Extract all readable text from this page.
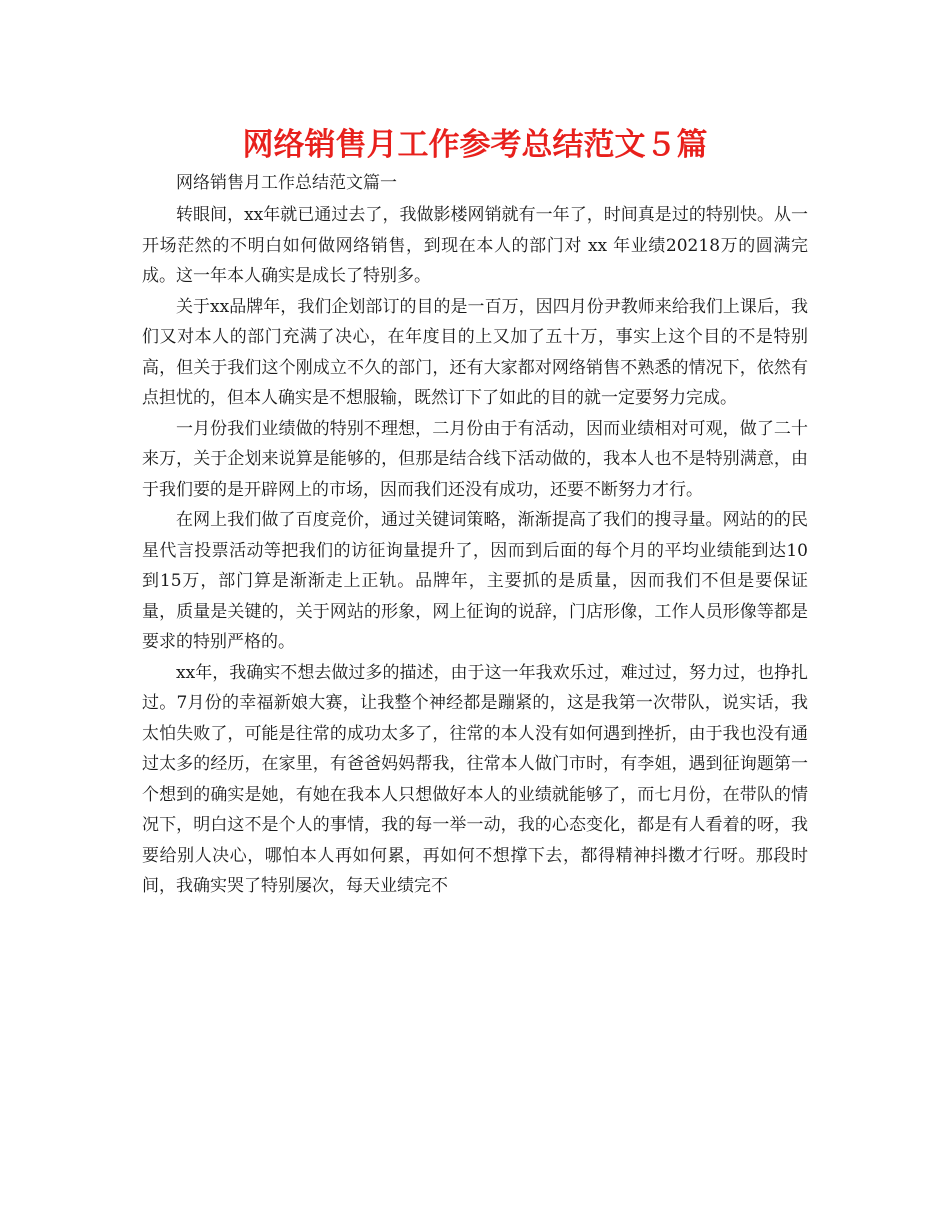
网络销售月工作参考总结范文５篇

网络销售月工作总结范文篇一

转眼间，xx年就已通过去了，我做影楼网销就有一年了，时间真是过的特别快。从一开场茫然的不明白如何做网络销售，到现在本人的部门对 xx 年业绩20218万的圆满完成。这一年本人确实是成长了特别多。

关于xx品牌年，我们企划部订的目的是一百万，因四月份尹教师来给我们上课后，我们又对本人的部门充满了决心，在年度目的上又加了五十万，事实上这个目的不是特别高，但关于我们这个刚成立不久的部门，还有大家都对网络销售不熟悉的情况下，依然有点担忧的，但本人确实是不想服输，既然订下了如此的目的就一定要努力完成。

一月份我们业绩做的特别不理想，二月份由于有活动，因而业绩相对可观，做了二十来万，关于企划来说算是能够的，但那是结合线下活动做的，我本人也不是特别满意，由于我们要的是开辟网上的市场，因而我们还没有成功，还要不断努力才行。

在网上我们做了百度竞价，通过关键词策略，渐渐提高了我们的搜寻量。网站的的民星代言投票活动等把我们的访征询量提升了，因而到后面的每个月的平均业绩能到达10到15万，部门算是渐渐走上正轨。品牌年，主要抓的是质量，因而我们不但是要保证量，质量是关键的，关于网站的形象，网上征询的说辞，门店形像，工作人员形像等都是要求的特别严格的。

xx年，我确实不想去做过多的描述，由于这一年我欢乐过，难过过，努力过，也挣扎过。7月份的幸福新娘大赛，让我整个神经都是蹦紧的，这是我第一次带队，说实话，我太怕失败了，可能是往常的成功太多了，往常的本人没有如何遇到挫折，由于我也没有通过太多的经历，在家里，有爸爸妈妈帮我，往常本人做门市时，有李姐，遇到征询题第一个想到的确实是她，有她在我本人只想做好本人的业绩就能够了，而七月份，在带队的情况下，明白这不是个人的事情，我的每一举一动，我的心态变化，都是有人看着的呀，我要给别人决心，哪怕本人再如何累，再如何不想撑下去，都得精神抖擞才行呀。那段时间，我确实哭了特别屡次，每天业绩完不
